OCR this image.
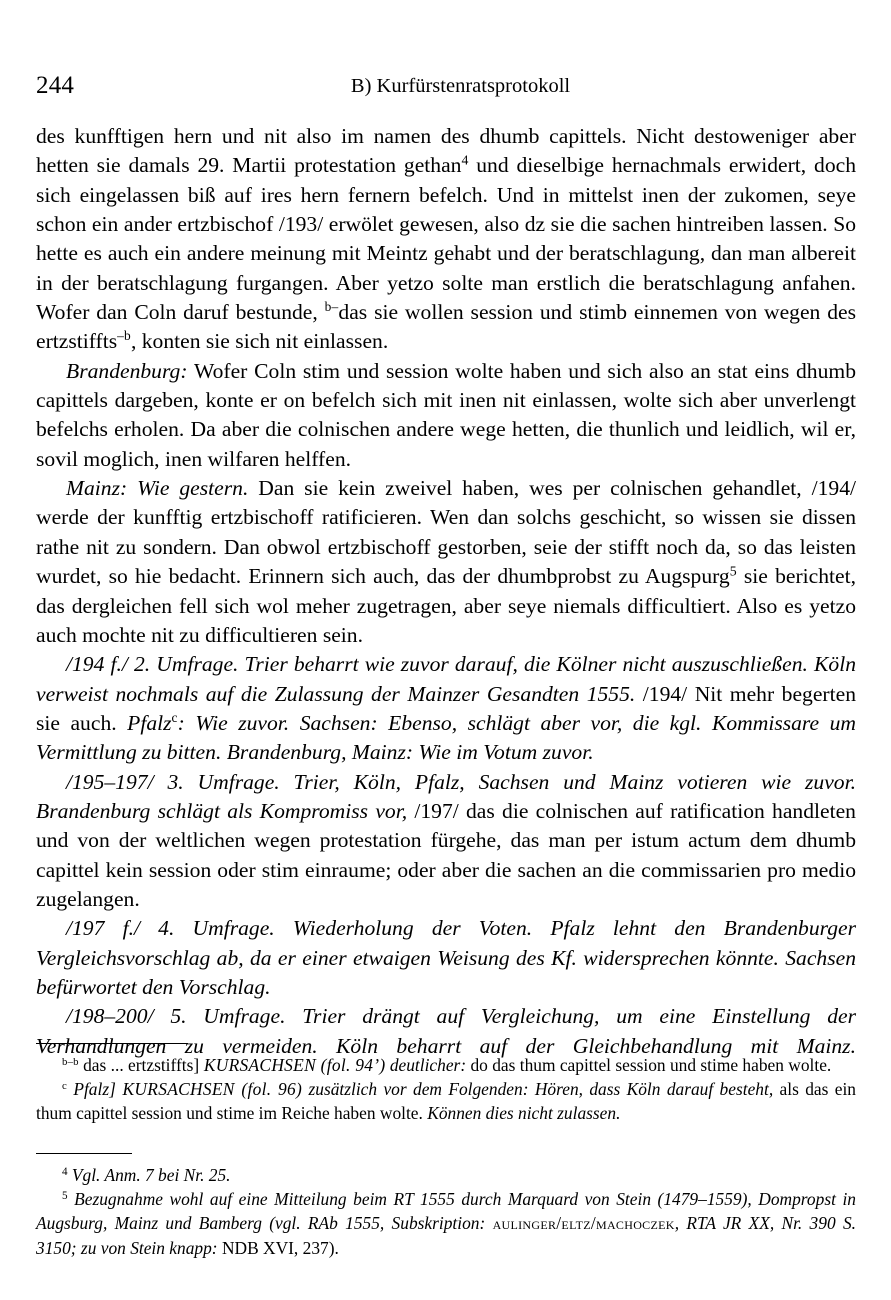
244	B) Kurfürstenratsprotokoll

des kunfftigen hern und nit also im namen des dhumb capittels. Nicht destoweniger aber hetten sie damals 29. Martii protestation gethan$^4$ und dieselbige hernachmals erwidert, doch sich eingelassen biß auf ires hern fernern befelch. Und in mittelst inen der zukomen, seye schon ein ander ertzbischof /193/ erwölet gewesen, also dz sie die sachen hintreiben lassen. So hette es auch ein andere meinung mit Meintz gehabt und der beratschlagung, dan man albereit in der beratschlagung furgangen. Aber yetzo solte man erstlich die beratschlagung anfahen. Wofer dan Coln daruf bestunde, $^{b-}$das sie wollen session und stimb einnemen von wegen des ertzstiffts$^{-b}$, konten sie sich nit einlassen.

Brandenburg: Wofer Coln stim und session wolte haben und sich also an stat eins dhumb capittels dargeben, konte er on befelch sich mit inen nit einlassen, wolte sich aber unverlengt befelchs erholen. Da aber die colnischen andere wege hetten, die thunlich und leidlich, wil er, sovil moglich, inen wilfaren helffen.

Mainz: Wie gestern. Dan sie kein zweivel haben, wes per colnischen gehandlet, /194/ werde der kunfftig ertzbischoff ratificieren. Wen dan solchs geschicht, so wissen sie dissen rathe nit zu sondern. Dan obwol ertzbischoff gestorben, seie der stifft noch da, so das leisten wurdet, so hie bedacht. Erinnern sich auch, das der dhumbprobst zu Augspurg$^5$ sie berichtet, das dergleichen fell sich wol meher zugetragen, aber seye niemals difficultiert. Also es yetzo auch mochte nit zu difficultieren sein.

/194 f./ 2. Umfrage. Trier beharrt wie zuvor darauf, die Kölner nicht auszuschließen. Köln verweist nochmals auf die Zulassung der Mainzer Gesandten 1555. /194/ Nit mehr begerten sie auch. Pfalz$^c$: Wie zuvor. Sachsen: Ebenso, schlägt aber vor, die kgl. Kommissare um Vermittlung zu bitten. Brandenburg, Mainz: Wie im Votum zuvor.

/195–197/ 3. Umfrage. Trier, Köln, Pfalz, Sachsen und Mainz votieren wie zuvor. Brandenburg schlägt als Kompromiss vor, /197/ das die colnischen auf ratification handleten und von der weltlichen wegen protestation fürgehe, das man per istum actum dem dhumb capittel kein session oder stim einraume; oder aber die sachen an die commissarien pro medio zugelangen.

/197 f./ 4. Umfrage. Wiederholung der Voten. Pfalz lehnt den Brandenburger Vergleichsvorschlag ab, da er einer etwaigen Weisung des Kf. widersprechen könnte. Sachsen befürwortet den Vorschlag.

/198–200/ 5. Umfrage. Trier drängt auf Vergleichung, um eine Einstellung der Verhandlungen zu vermeiden. Köln beharrt auf der Gleichbehandlung mit Mainz.

$^{b-b}$ das ... ertzstiffts] KURSACHSEN (fol. 94’) deutlicher: do das thum capittel session und stime haben wolte.

$^c$ Pfalz] KURSACHSEN (fol. 96) zusätzlich vor dem Folgenden: Hören, dass Köln darauf besteht, als das ein thum capittel session und stime im Reiche haben wolte. Können dies nicht zulassen.

$^4$ Vgl. Anm. 7 bei Nr. 25.

$^5$ Bezugnahme wohl auf eine Mitteilung beim RT 1555 durch Marquard von Stein (1479–1559), Dompropst in Augsburg, Mainz und Bamberg (vgl. RAb 1555, Subskription: aulinger/eltz/machoczek, RTA JR XX, Nr. 390 S. 3150; zu von Stein knapp: NDB XVI, 237).
